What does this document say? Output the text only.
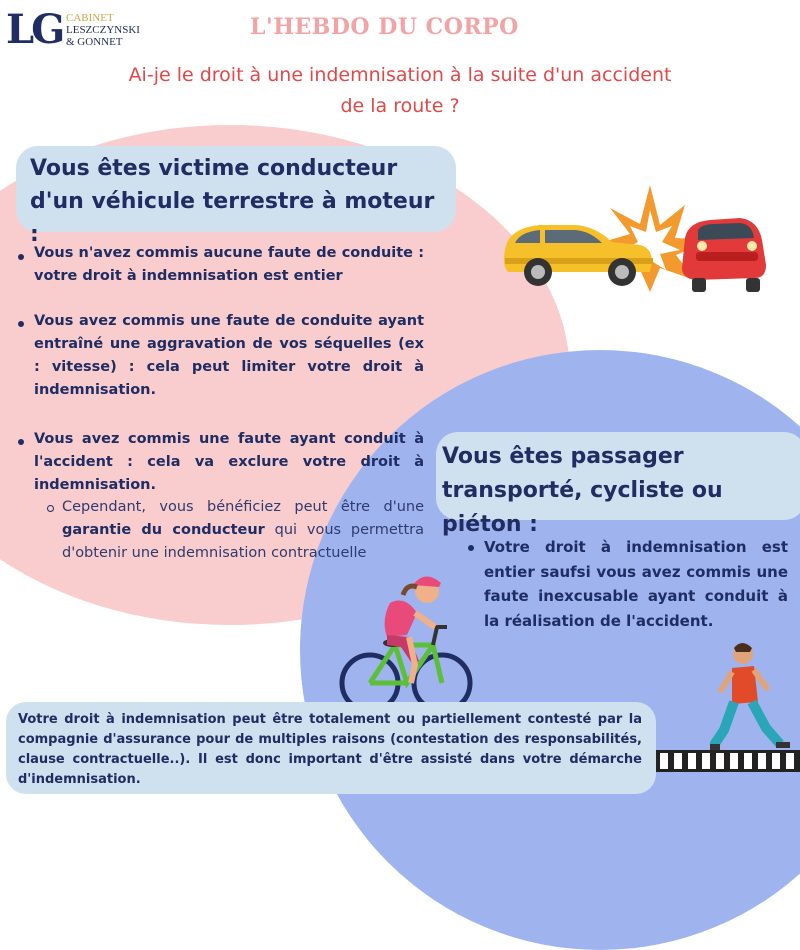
LG CABINET
LESZCZYNSKI
& GONNET
L'HEBDO DU CORPO
Ai-je le droit à une indemnisation à la suite d'un accident de la route ?
Vous êtes victime conducteur d'un véhicule terrestre à moteur :
Vous n'avez commis aucune faute de conduite : votre droit à indemnisation est entier
Vous avez commis une faute de conduite ayant entraîné une aggravation de vos séquelles (ex : vitesse) : cela peut limiter votre droit à indemnisation.
Vous avez commis une faute ayant conduit à l'accident : cela va exclure votre droit à indemnisation.
Cependant, vous bénéficiez peut être d'une garantie du conducteur qui vous permettra d'obtenir une indemnisation contractuelle
Vous êtes passager transporté, cycliste ou piéton :
Votre droit à indemnisation est entier saufsi vous avez commis une faute inexcusable ayant conduit à la réalisation de l'accident.
Votre droit à indemnisation peut être totalement ou partiellement contesté par la compagnie d'assurance pour de multiples raisons (contestation des responsabilités, clause contractuelle..). Il est donc important d'être assisté dans votre démarche d'indemnisation.
